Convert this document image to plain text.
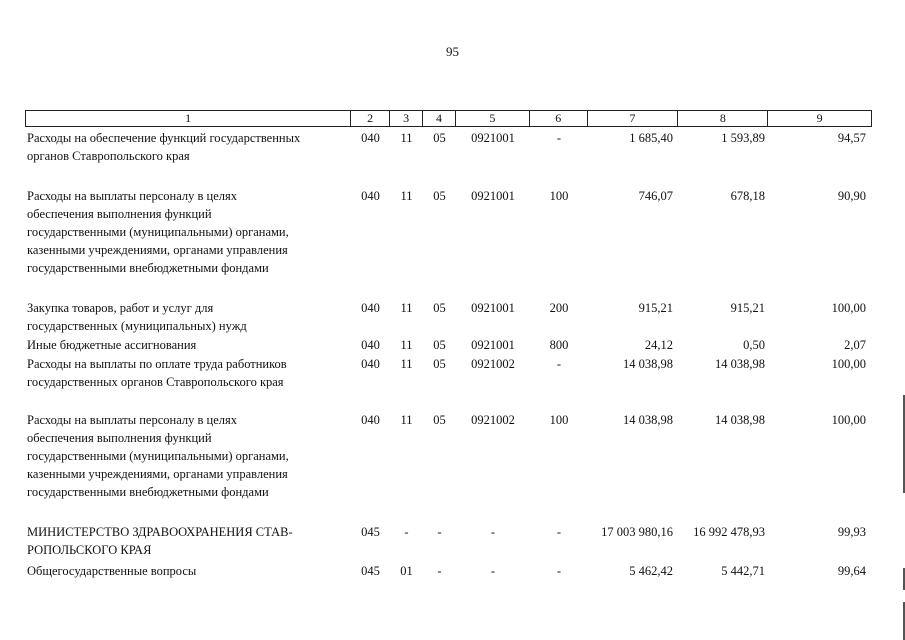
95
1	2	3	4	5	6	7	8	9
Расходы на обеспечение функций государственных
органов Ставропольского края
040	11	05	0921001	-	1 685,40	1 593,89	94,57
Расходы на выплаты персоналу в целях
обеспечения выполнения функций
государственными (муниципальными) органами,
казенными учреждениями, органами управления
государственными внебюджетными фондами
040	11	05	0921001	100	746,07	678,18	90,90
Закупка товаров, работ и услуг для
государственных (муниципальных) нужд
040	11	05	0921001	200	915,21	915,21	100,00
Иные бюджетные ассигнования	040	11	05	0921001	800	24,12	0,50	2,07
Расходы на выплаты по оплате труда работников
государственных органов Ставропольского края
040	11	05	0921002	-	14 038,98	14 038,98	100,00
Расходы на выплаты персоналу в целях
обеспечения выполнения функций
государственными (муниципальными) органами,
казенными учреждениями, органами управления
государственными внебюджетными фондами
040	11	05	0921002	100	14 038,98	14 038,98	100,00
МИНИСТЕРСТВО ЗДРАВООХРАНЕНИЯ СТАВ-
РОПОЛЬСКОГО КРАЯ
045	-	-	-	-	17 003 980,16	16 992 478,93	99,93
Общегосударственные вопросы	045	01	-	-	-	5 462,42	5 442,71	99,64
